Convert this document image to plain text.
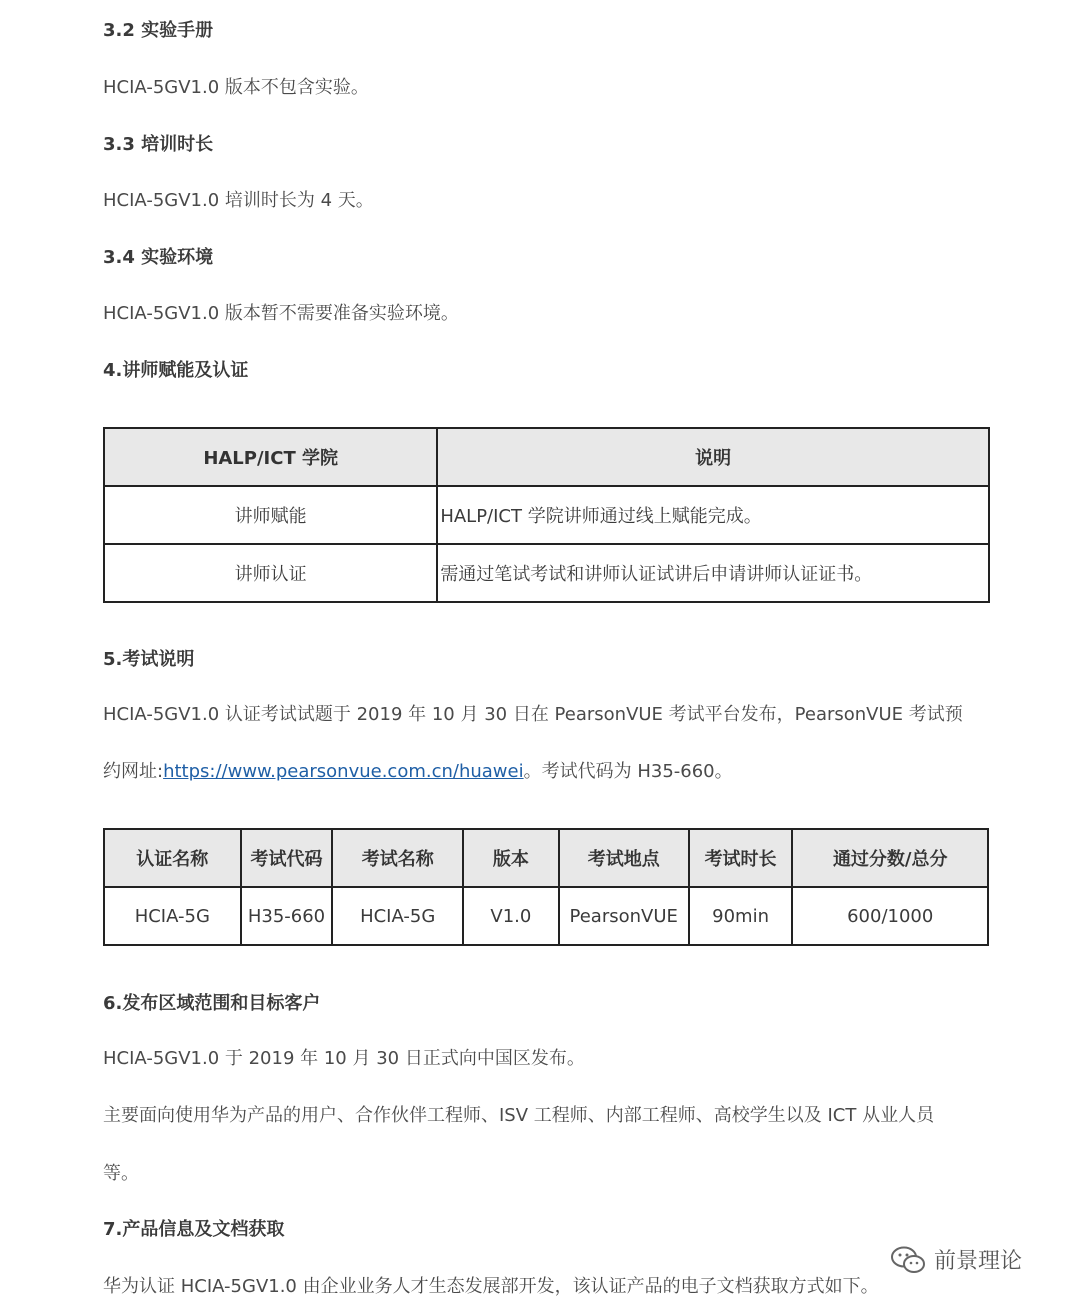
3.2 实验手册
HCIA-5GV1.0 版本不包含实验。
3.3 培训时长
HCIA-5GV1.0 培训时长为 4 天。
3.4 实验环境
HCIA-5GV1.0 版本暂不需要准备实验环境。
4.讲师赋能及认证
HALP/ICT 学院	说明
讲师赋能	HALP/ICT 学院讲师通过线上赋能完成。
讲师认证	需通过笔试考试和讲师认证试讲后申请讲师认证证书。
5.考试说明
HCIA-5GV1.0 认证考试试题于 2019 年 10 月 30 日在 PearsonVUE 考试平台发布，PearsonVUE 考试预
约网址:https://www.pearsonvue.com.cn/huawei。考试代码为 H35-660。
认证名称	考试代码	考试名称	版本	考试地点	考试时长	通过分数/总分
HCIA-5G	H35-660	HCIA-5G	V1.0	PearsonVUE	90min	600/1000
6.发布区域范围和目标客户
HCIA-5GV1.0 于 2019 年 10 月 30 日正式向中国区发布。
主要面向使用华为产品的用户、合作伙伴工程师、ISV 工程师、内部工程师、高校学生以及 ICT 从业人员
等。
7.产品信息及文档获取
华为认证 HCIA-5GV1.0 由企业业务人才生态发展部开发，该认证产品的电子文档获取方式如下。
前景理论
